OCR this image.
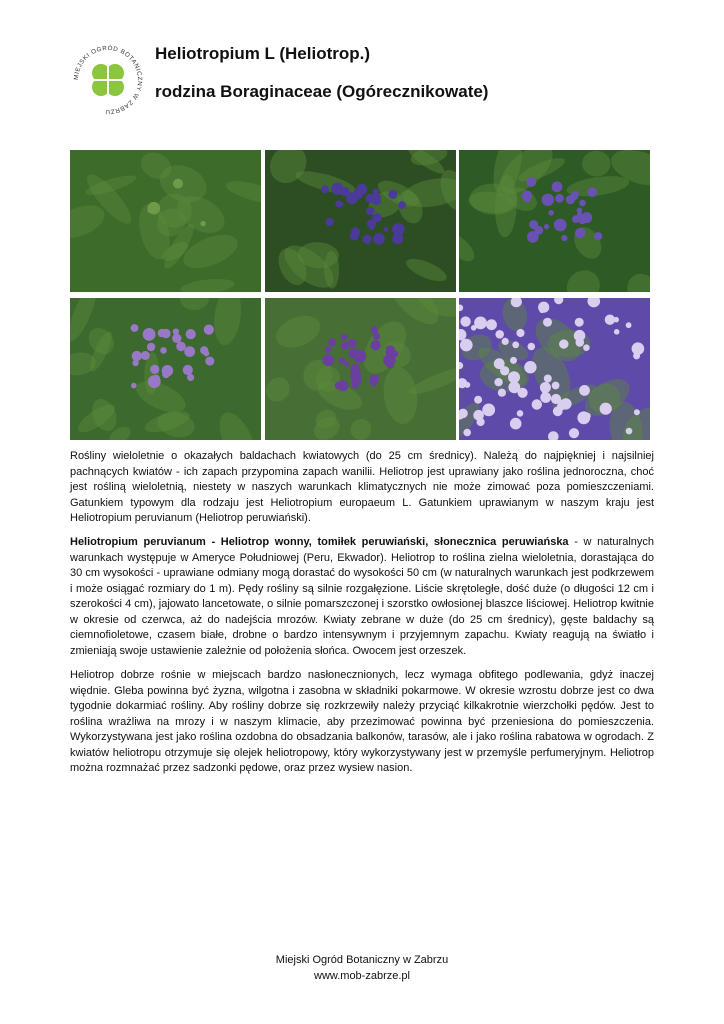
MIEJSKI OGRÓD BOTANICZNY W ZABRZU
Heliotropium L (Heliotrop.)
rodzina Boraginaceae (Ogórecznikowate)
Rośliny wieloletnie o okazałych baldachach kwiatowych (do 25 cm średnicy). Należą do najpiękniej i najsilniej pachnących kwiatów - ich zapach przypomina zapach wanilii. Heliotrop jest uprawiany jako roślina jednoroczna, choć jest rośliną wieloletnią, niestety w naszych warunkach klimatycznych nie może zimować poza pomieszczeniami. Gatunkiem typowym dla rodzaju jest Heliotropium europaeum L. Gatunkiem uprawianym w naszym kraju jest Heliotropium peruvianum (Heliotrop peruwiański).
Heliotropium peruvianum - Heliotrop wonny, tomiłek peruwiański, słonecznica peruwiańska - w naturalnych warunkach występuje w Ameryce Południowej (Peru, Ekwador). Heliotrop to roślina zielna wieloletnia, dorastająca do 30 cm wysokości - uprawiane odmiany mogą dorastać do wysokości 50 cm (w naturalnych warunkach jest podkrzewem i może osiągać rozmiary do 1 m). Pędy rośliny są silnie rozgałęzione. Liście skrętoległe, dość duże (o długości 12 cm i szerokości 4 cm), jajowato lancetowate, o silnie pomarszczonej i szorstko owłosionej blaszce liściowej. Heliotrop kwitnie w okresie od czerwca, aż do nadejścia mrozów. Kwiaty zebrane w duże (do 25 cm średnicy), gęste baldachy są ciemnofioletowe, czasem białe, drobne o bardzo intensywnym i przyjemnym zapachu. Kwiaty reagują na światło i zmieniają swoje ustawienie zależnie od położenia słońca. Owocem jest orzeszek.
Heliotrop dobrze rośnie w miejscach bardzo nasłonecznionych, lecz wymaga obfitego podlewania, gdyż inaczej więdnie. Gleba powinna być żyzna, wilgotna i zasobna w składniki pokarmowe. W okresie wzrostu dobrze jest co dwa tygodnie dokarmiać rośliny. Aby rośliny dobrze się rozkrzewiły należy przyciąć kilkakrotnie wierzchołki pędów. Jest to roślina wrażliwa na mrozy i w naszym klimacie, aby przezimować powinna być przeniesiona do pomieszczenia. Wykorzystywana jest jako roślina ozdobna do obsadzania balkonów, tarasów, ale i jako roślina rabatowa w ogrodach. Z kwiatów heliotropu otrzymuje się olejek heliotropowy, który wykorzystywany jest w przemyśle perfumeryjnym. Heliotrop można rozmnażać przez sadzonki pędowe, oraz przez wysiew nasion.
Miejski Ogród Botaniczny w Zabrzu
www.mob-zabrze.pl
